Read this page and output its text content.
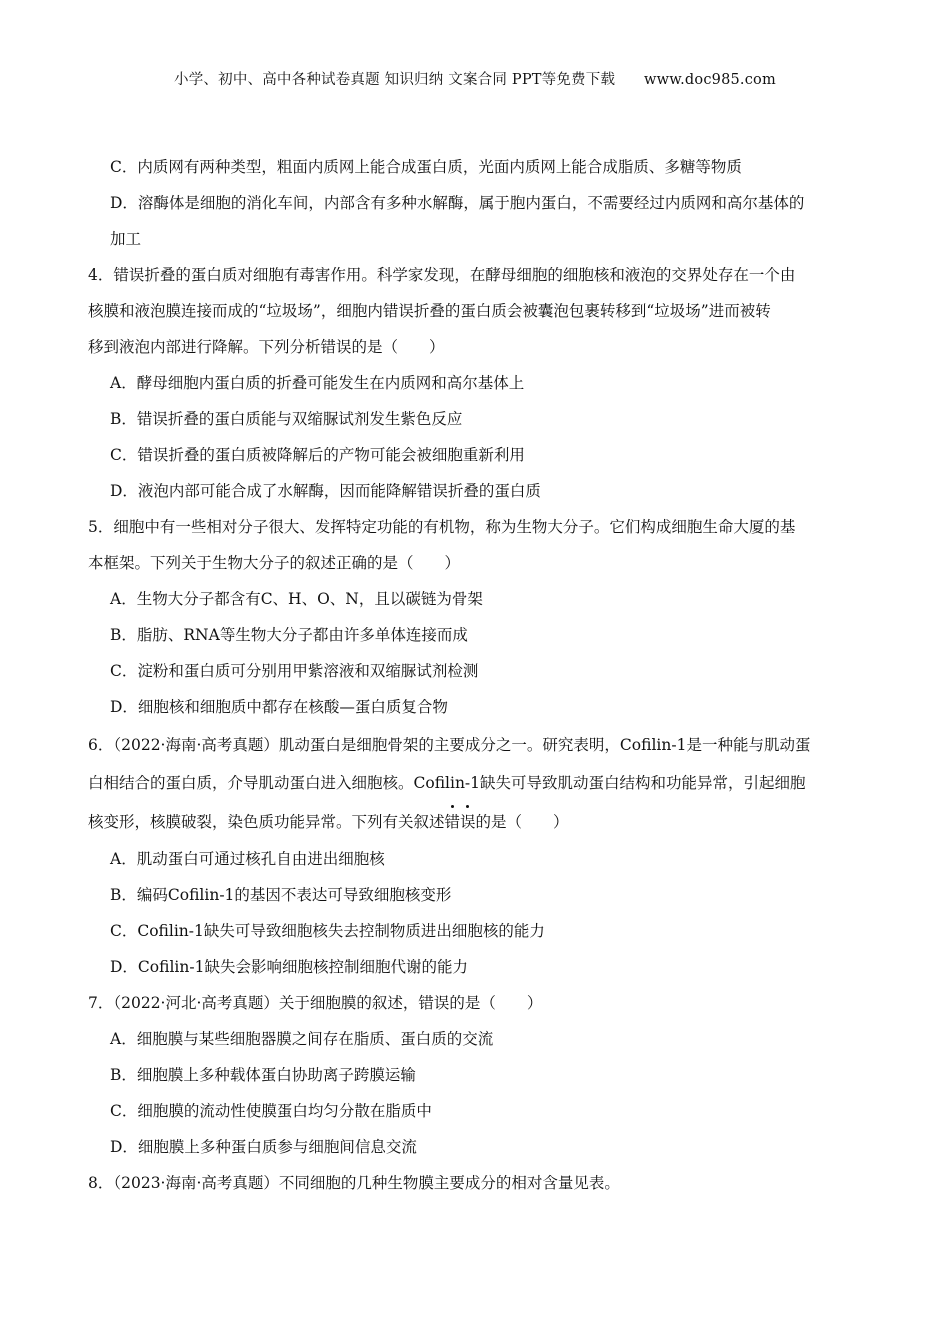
小学、初中、高中各种试卷真题 知识归纳 文案合同 PPT等免费下载 www.doc985.com
C．内质网有两种类型，粗面内质网上能合成蛋白质，光面内质网上能合成脂质、多糖等物质
D．溶酶体是细胞的消化车间，内部含有多种水解酶，属于胞内蛋白，不需要经过内质网和高尔基体的
加工
4．错误折叠的蛋白质对细胞有毒害作用。科学家发现，在酵母细胞的细胞核和液泡的交界处存在一个由
核膜和液泡膜连接而成的“垃圾场”，细胞内错误折叠的蛋白质会被囊泡包裹转移到“垃圾场”进而被转
移到液泡内部进行降解。下列分析错误的是（　　）
A．酵母细胞内蛋白质的折叠可能发生在内质网和高尔基体上
B．错误折叠的蛋白质能与双缩脲试剂发生紫色反应
C．错误折叠的蛋白质被降解后的产物可能会被细胞重新利用
D．液泡内部可能合成了水解酶，因而能降解错误折叠的蛋白质
5．细胞中有一些相对分子很大、发挥特定功能的有机物，称为生物大分子。它们构成细胞生命大厦的基
本框架。下列关于生物大分子的叙述正确的是（　　）
A．生物大分子都含有C、H、O、N，且以碳链为骨架
B．脂肪、RNA等生物大分子都由许多单体连接而成
C．淀粉和蛋白质可分别用甲紫溶液和双缩脲试剂检测
D．细胞核和细胞质中都存在核酸—蛋白质复合物
6．（2022·海南·高考真题）肌动蛋白是细胞骨架的主要成分之一。研究表明，Cofilin-1是一种能与肌动蛋
白相结合的蛋白质，介导肌动蛋白进入细胞核。Cofilin-1缺失可导致肌动蛋白结构和功能异常，引起细胞
核变形，核膜破裂，染色质功能异常。下列有关叙述错误的是（　　）
A．肌动蛋白可通过核孔自由进出细胞核
B．编码Cofilin-1的基因不表达可导致细胞核变形
C．Cofilin-1缺失可导致细胞核失去控制物质进出细胞核的能力
D．Cofilin-1缺失会影响细胞核控制细胞代谢的能力
7．（2022·河北·高考真题）关于细胞膜的叙述，错误的是（　　）
A．细胞膜与某些细胞器膜之间存在脂质、蛋白质的交流
B．细胞膜上多种载体蛋白协助离子跨膜运输
C．细胞膜的流动性使膜蛋白均匀分散在脂质中
D．细胞膜上多种蛋白质参与细胞间信息交流
8．（2023·海南·高考真题）不同细胞的几种生物膜主要成分的相对含量见表。
